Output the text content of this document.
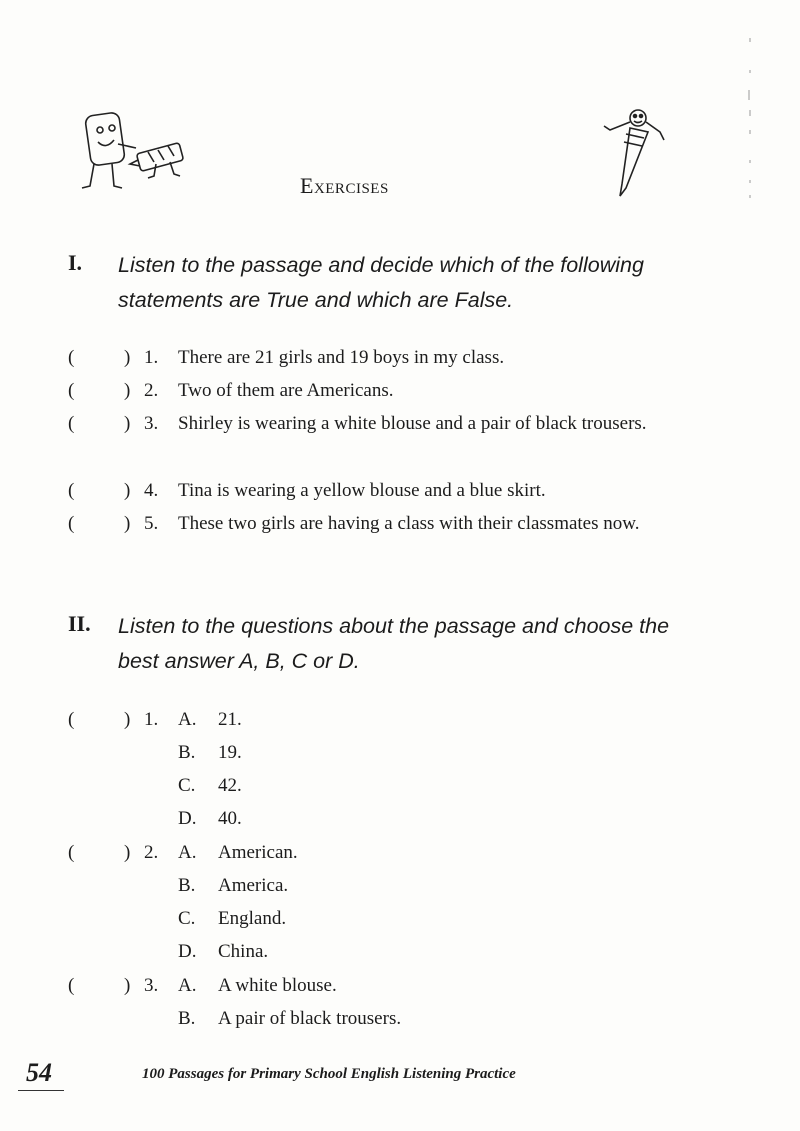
Exercises
I. Listen to the passage and decide which of the following statements are True and which are False.
(	) 1. There are 21 girls and 19 boys in my class.
(	) 2. Two of them are Americans.
(	) 3. Shirley is wearing a white blouse and a pair of black trousers.
(	) 4. Tina is wearing a yellow blouse and a blue skirt.
(	) 5. These two girls are having a class with their classmates now.
II. Listen to the questions about the passage and choose the best answer A, B, C or D.
(	) 1. A. 21.
B. 19.
C. 42.
D. 40.
(	) 2. A. American.
B. America.
C. England.
D. China.
(	) 3. A. A white blouse.
B. A pair of black trousers.
54	100 Passages for Primary School English Listening Practice
